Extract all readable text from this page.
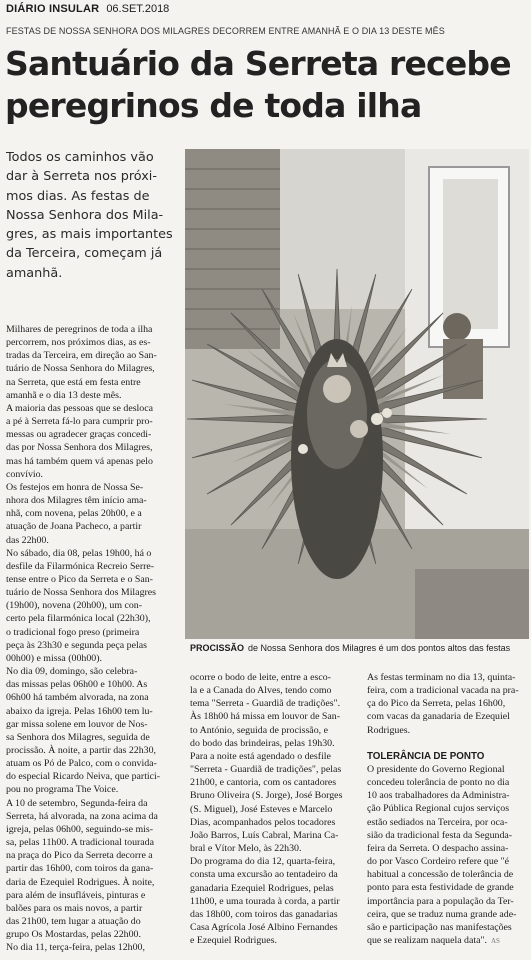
DIÁRIO INSULAR 06.SET.2018
FESTAS DE NOSSA SENHORA DOS MILAGRES DECORREM ENTRE AMANHÃ E O DIA 13 DESTE MÊS
Santuário da Serreta recebe
peregrinos de toda ilha
Todos os caminhos vão
dar à Serreta nos próxi-
mos dias. As festas de
Nossa Senhora dos Mila-
gres, as mais importantes
da Terceira, começam já
amanhã.
PROCISSÃO de Nossa Senhora dos Milagres é um dos pontos altos das festas
Milhares de peregrinos de toda a ilha
percorrem, nos próximos dias, as es-
tradas da Terceira, em direção ao San-
tuário de Nossa Senhora do Milagres,
na Serreta, que está em festa entre
amanhã e o dia 13 deste mês.
A maioria das pessoas que se desloca
a pé à Serreta fá-lo para cumprir pro-
messas ou agradecer graças concedi-
das por Nossa Senhora dos Milagres,
mas há também quem vá apenas pelo
convívio.
Os festejos em honra de Nossa Se-
nhora dos Milagres têm início ama-
nhã, com novena, pelas 20h00, e a
atuação de Joana Pacheco, a partir
das 22h00.
No sábado, dia 08, pelas 19h00, há o
desfile da Filarmónica Recreio Serre-
tense entre o Pico da Serreta e o San-
tuário de Nossa Senhora dos Milagres
(19h00), novena (20h00), um con-
certo pela filarmónica local (22h30),
o tradicional fogo preso (primeira
peça às 23h30 e segunda peça pelas
00h00) e missa (00h00).
No dia 09, domingo, são celebra-
das missas pelas 06h00 e 10h00. As
06h00 há também alvorada, na zona
abaixo da igreja. Pelas 16h00 tem lu-
gar missa solene em louvor de Nos-
sa Senhora dos Milagres, seguida de
procissão. À noite, a partir das 22h30,
atuam os Pó de Palco, com o convida-
do especial Ricardo Neiva, que partici-
pou no programa The Voice.
A 10 de setembro, Segunda-feira da
Serreta, há alvorada, na zona acima da
igreja, pelas 06h00, seguindo-se mis-
sa, pelas 11h00. A tradicional tourada
na praça do Pico da Serreta decorre a
partir das 16h00, com toiros da gana-
daria de Ezequiel Rodrigues. À noite,
para além de insufláveis, pinturas e
balões para os mais novos, a partir
das 21h00, tem lugar a atuação do
grupo Os Mostardas, pelas 22h00.
No dia 11, terça-feira, pelas 12h00,
ocorre o bodo de leite, entre a esco-
la e a Canada do Alves, tendo como
tema "Serreta - Guardiã de tradições".
Às 18h00 há missa em louvor de San-
to António, seguida de procissão, e
do bodo das brindeiras, pelas 19h30.
Para a noite está agendado o desfile
"Serreta - Guardiã de tradições", pelas
21h00, e cantoria, com os cantadores
Bruno Oliveira (S. Jorge), José Borges
(S. Miguel), José Esteves e Marcelo
Dias, acompanhados pelos tocadores
João Barros, Luís Cabral, Marina Ca-
bral e Vítor Melo, às 22h30.
Do programa do dia 12, quarta-feira,
consta uma excursão ao tentadeiro da
ganadaria Ezequiel Rodrigues, pelas
11h00, e uma tourada à corda, a partir
das 18h00, com toiros das ganadarias
Casa Agrícola José Albino Fernandes
e Ezequiel Rodrigues.
As festas terminam no dia 13, quinta-
feira, com a tradicional vacada na pra-
ça do Pico da Serreta, pelas 16h00,
com vacas da ganadaria de Ezequiel
Rodrigues.
TOLERÂNCIA DE PONTO
O presidente do Governo Regional
concedeu tolerância de ponto no dia
10 aos trabalhadores da Administra-
ção Pública Regional cujos serviços
estão sediados na Terceira, por oca-
sião da tradicional festa da Segunda-
feira da Serreta. O despacho assina-
do por Vasco Cordeiro refere que "é
habitual a concessão de tolerância de
ponto para esta festividade de grande
importância para a população da Ter-
ceira, que se traduz numa grande ade-
são e participação nas manifestações
que se realizam naquela data". AS
